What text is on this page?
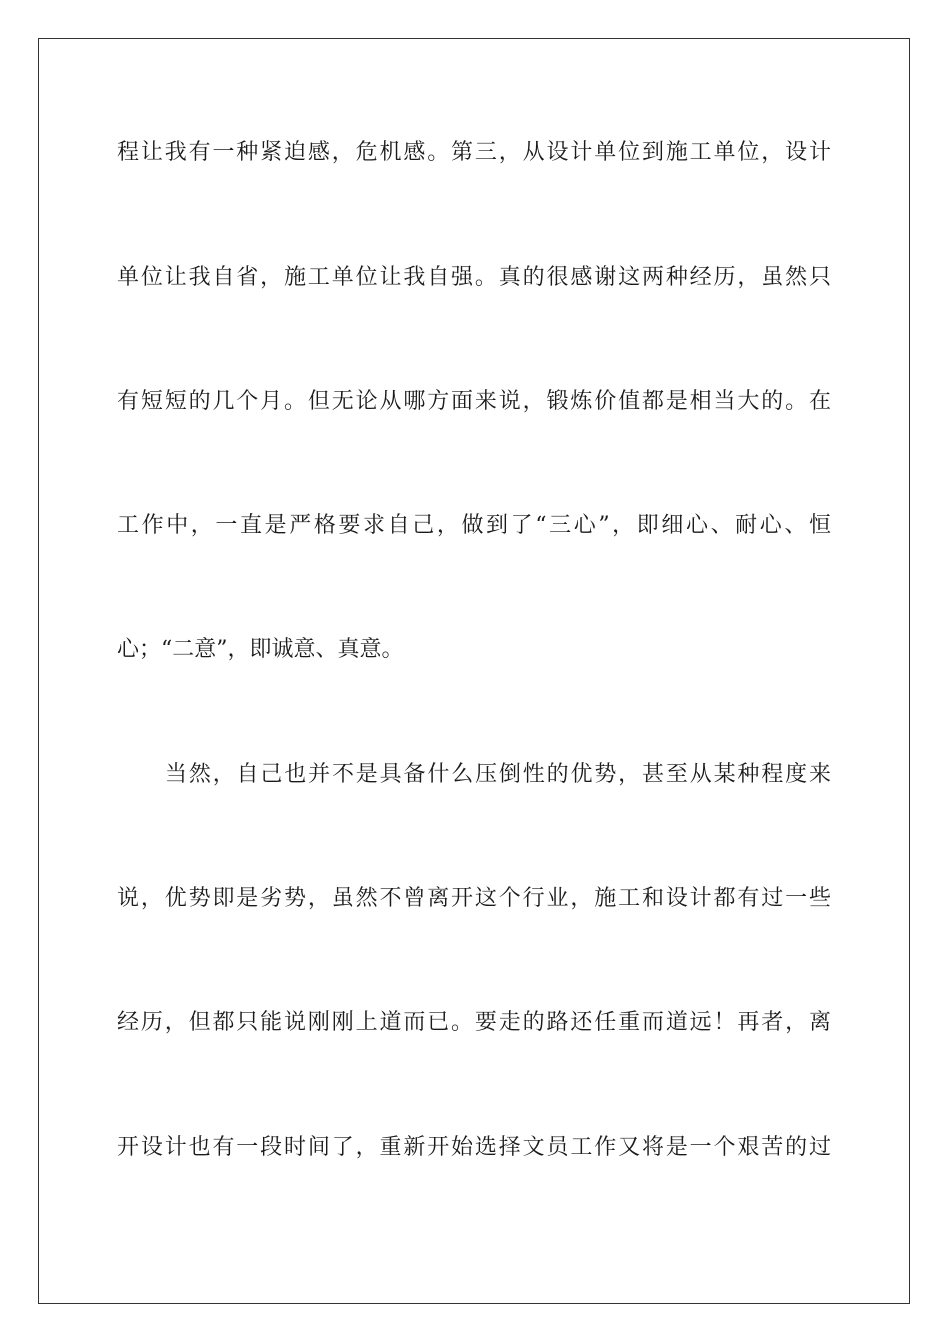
程让我有一种紧迫感，危机感。第三，从设计单位到施工单位，设计
单位让我自省，施工单位让我自强。真的很感谢这两种经历，虽然只
有短短的几个月。但无论从哪方面来说，锻炼价值都是相当大的。在
工作中，一直是严格要求自己，做到了“三心”，即细心、耐心、恒
心；“二意”，即诚意、真意。
当然，自己也并不是具备什么压倒性的优势，甚至从某种程度来
说，优势即是劣势，虽然不曾离开这个行业，施工和设计都有过一些
经历，但都只能说刚刚上道而已。要走的路还任重而道远！再者，离
开设计也有一段时间了，重新开始选择文员工作又将是一个艰苦的过
